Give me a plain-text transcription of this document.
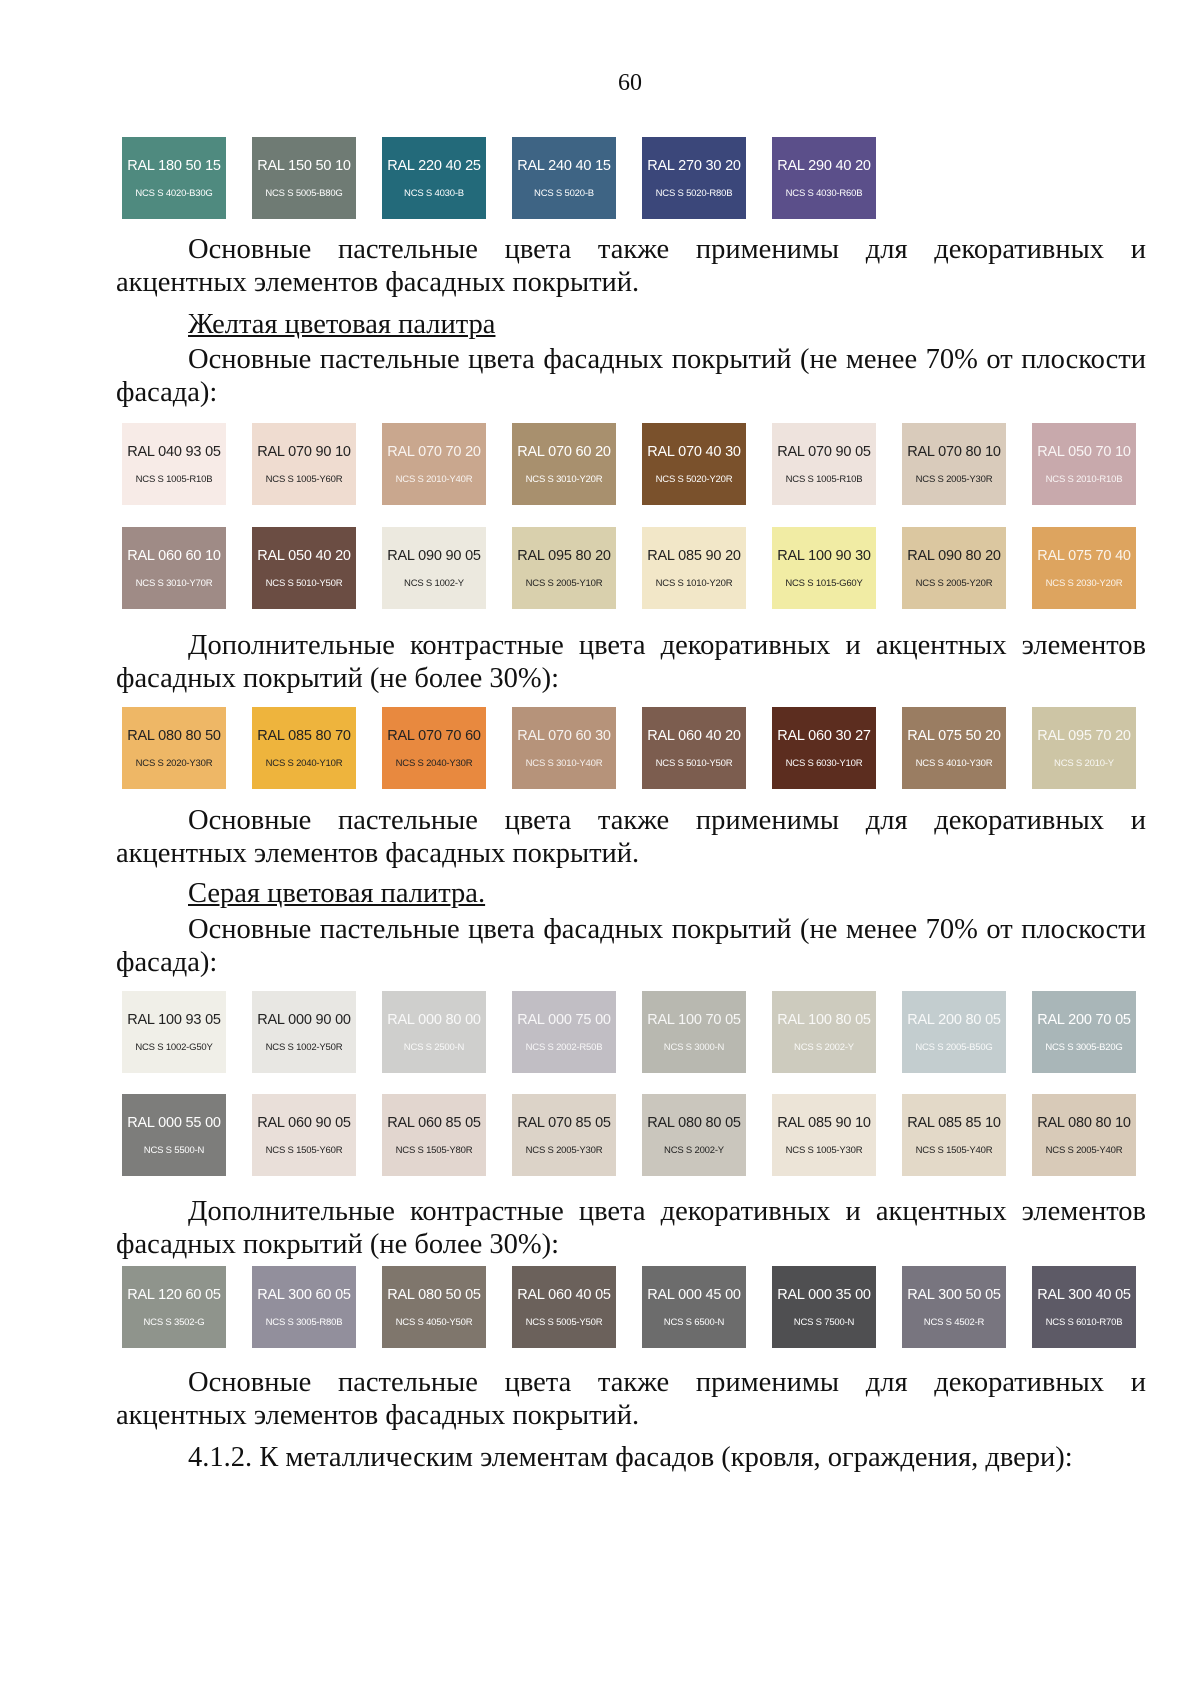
60
RAL 180 50 15
NCS S 4020-B30G
RAL 150 50 10
NCS S 5005-B80G
RAL 220 40 25
NCS S 4030-B
RAL 240 40 15
NCS S 5020-B
RAL 270 30 20
NCS S 5020-R80B
RAL 290 40 20
NCS S 4030-R60B

Основные пастельные цвета также применимы для декоративных и акцентных элементов фасадных покрытий.

Желтая цветовая палитра

Основные пастельные цвета фасадных покрытий (не менее 70% от плоскости фасада):

RAL 040 93 05
NCS S 1005-R10B
RAL 070 90 10
NCS S 1005-Y60R
RAL 070 70 20
NCS S 2010-Y40R
RAL 070 60 20
NCS S 3010-Y20R
RAL 070 40 30
NCS S 5020-Y20R
RAL 070 90 05
NCS S 1005-R10B
RAL 070 80 10
NCS S 2005-Y30R
RAL 050 70 10
NCS S 2010-R10B
RAL 060 60 10
NCS S 3010-Y70R
RAL 050 40 20
NCS S 5010-Y50R
RAL 090 90 05
NCS S 1002-Y
RAL 095 80 20
NCS S 2005-Y10R
RAL 085 90 20
NCS S 1010-Y20R
RAL 100 90 30
NCS S 1015-G60Y
RAL 090 80 20
NCS S 2005-Y20R
RAL 075 70 40
NCS S 2030-Y20R

Дополнительные контрастные цвета декоративных и акцентных элементов фасадных покрытий (не более 30%):

RAL 080 80 50
NCS S 2020-Y30R
RAL 085 80 70
NCS S 2040-Y10R
RAL 070 70 60
NCS S 2040-Y30R
RAL 070 60 30
NCS S 3010-Y40R
RAL 060 40 20
NCS S 5010-Y50R
RAL 060 30 27
NCS S 6030-Y10R
RAL 075 50 20
NCS S 4010-Y30R
RAL 095 70 20
NCS S 2010-Y

Основные пастельные цвета также применимы для декоративных и акцентных элементов фасадных покрытий.

Серая цветовая палитра.

Основные пастельные цвета фасадных покрытий (не менее 70% от плоскости фасада):

RAL 100 93 05
NCS S 1002-G50Y
RAL 000 90 00
NCS S 1002-Y50R
RAL 000 80 00
NCS S 2500-N
RAL 000 75 00
NCS S 2002-R50B
RAL 100 70 05
NCS S 3000-N
RAL 100 80 05
NCS S 2002-Y
RAL 200 80 05
NCS S 2005-B50G
RAL 200 70 05
NCS S 3005-B20G
RAL 000 55 00
NCS S 5500-N
RAL 060 90 05
NCS S 1505-Y60R
RAL 060 85 05
NCS S 1505-Y80R
RAL 070 85 05
NCS S 2005-Y30R
RAL 080 80 05
NCS S 2002-Y
RAL 085 90 10
NCS S 1005-Y30R
RAL 085 85 10
NCS S 1505-Y40R
RAL 080 80 10
NCS S 2005-Y40R

Дополнительные контрастные цвета декоративных и акцентных элементов фасадных покрытий (не более 30%):

RAL 120 60 05
NCS S 3502-G
RAL 300 60 05
NCS S 3005-R80B
RAL 080 50 05
NCS S 4050-Y50R
RAL 060 40 05
NCS S 5005-Y50R
RAL 000 45 00
NCS S 6500-N
RAL 000 35 00
NCS S 7500-N
RAL 300 50 05
NCS S 4502-R
RAL 300 40 05
NCS S 6010-R70B

Основные пастельные цвета также применимы для декоративных и акцентных элементов фасадных покрытий.

4.1.2. К металлическим элементам фасадов (кровля, ограждения, двери):
